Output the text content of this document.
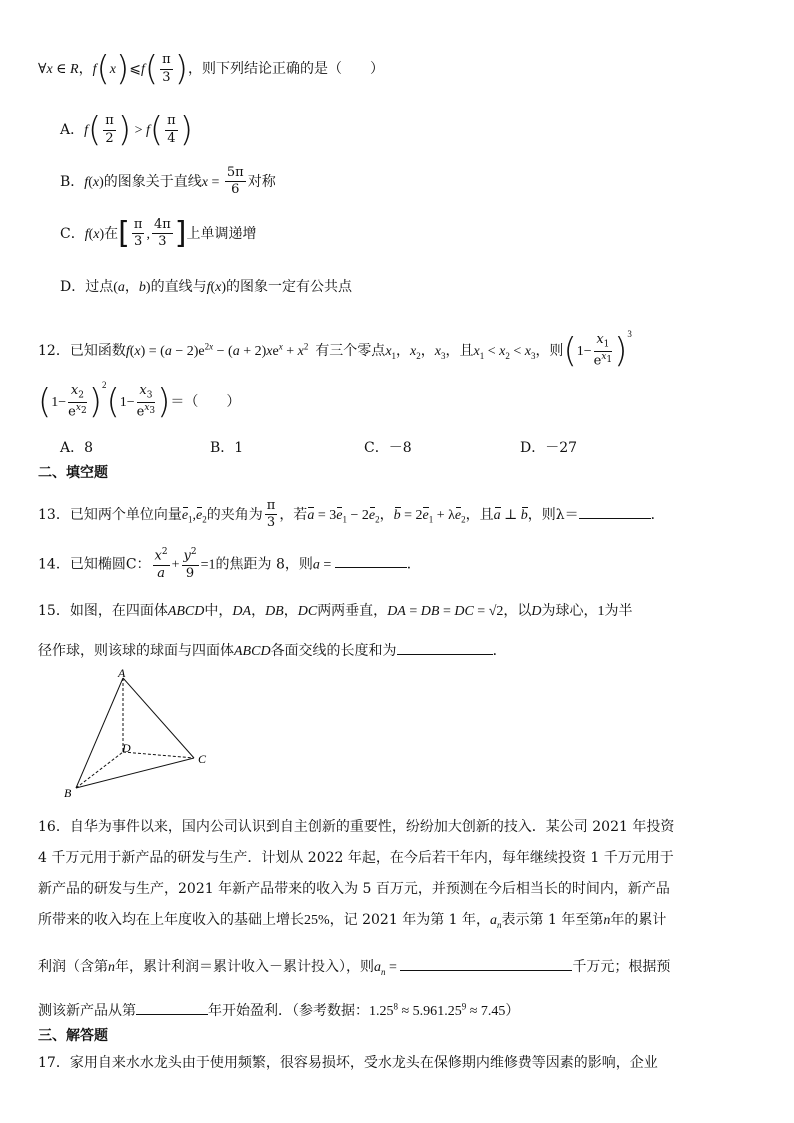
∀x ∈ R，f(x)⩽f( $\frac{\pi}{3}$ )，则下列结论正确的是（　　）
A．$f( \frac{\pi}{2}$ ) > $f( \frac{\pi}{4}$ )
B．f(x)的图象关于直线$x = \frac{5\pi}{6}$ 对称
C．f(x)在[ $\frac{\pi}{3}$ , $\frac{4\pi}{3}$ ]上单调递增
D．过点(a，b)的直线与f(x)的图象一定有公共点
12．已知函数$f(x) = (a - 2)e^{2x} - (a + 2)xe^x + x^2$ 有三个零点$x_1$，$x_2$，$x_3$，且$x_1 < x_2 < x_3$，则$(1- \frac{x_1}{e^{x_1}} )^3$
$(1- \frac{x_2}{e^{x_2}} )^2(1- \frac{x_3}{e^{x_3}}$ )＝（　　）
A．8	B．1	C．－8	D．－27
二、填空题
13．已知两个单位向量$e_1,e_2$的夹角为 $\frac{\pi}{3}$ ，若$a = 3e_1 - 2e_2$，$b = 2e_1 + \lambda e_2$，且a ⊥ b，则λ＝	．
14．已知椭圆C： $\frac{x^2}{a} + \frac{y^2}{9} =1$的焦距为 8，则a =	．
15．如图，在四面体ABCD中，DA，DB，DC两两垂直，DA = DB = DC = √2，以D为球心，1为半
径作球，则该球的球面与四面体ABCD各面交线的长度和为	．
A
B
C
D
16．自华为事件以来，国内公司认识到自主创新的重要性，纷纷加大创新的技入．某公司 2021 年投资
4 千万元用于新产品的研发与生产．计划从 2022 年起，在今后若干年内，每年继续投资 1 千万元用于
新产品的研发与生产，2021 年新产品带来的收入为 5 百万元，并预测在今后相当长的时间内，新产品
所带来的收入均在上年度收入的基础上增长25%，记 2021 年为第 1 年，$a_n$表示第 1 年至第n年的累计
利润（含第n年，累计利润＝累计收入－累计投入），则$a_n$ =	千万元；根据预
测该新产品从第	年开始盈利．（参考数据：$1.25^8 \approx 5.961.25^9 \approx 7.45$）
三、解答题
17．家用自来水水龙头由于使用频繁，很容易损坏，受水龙头在保修期内维修费等因素的影响，企业
